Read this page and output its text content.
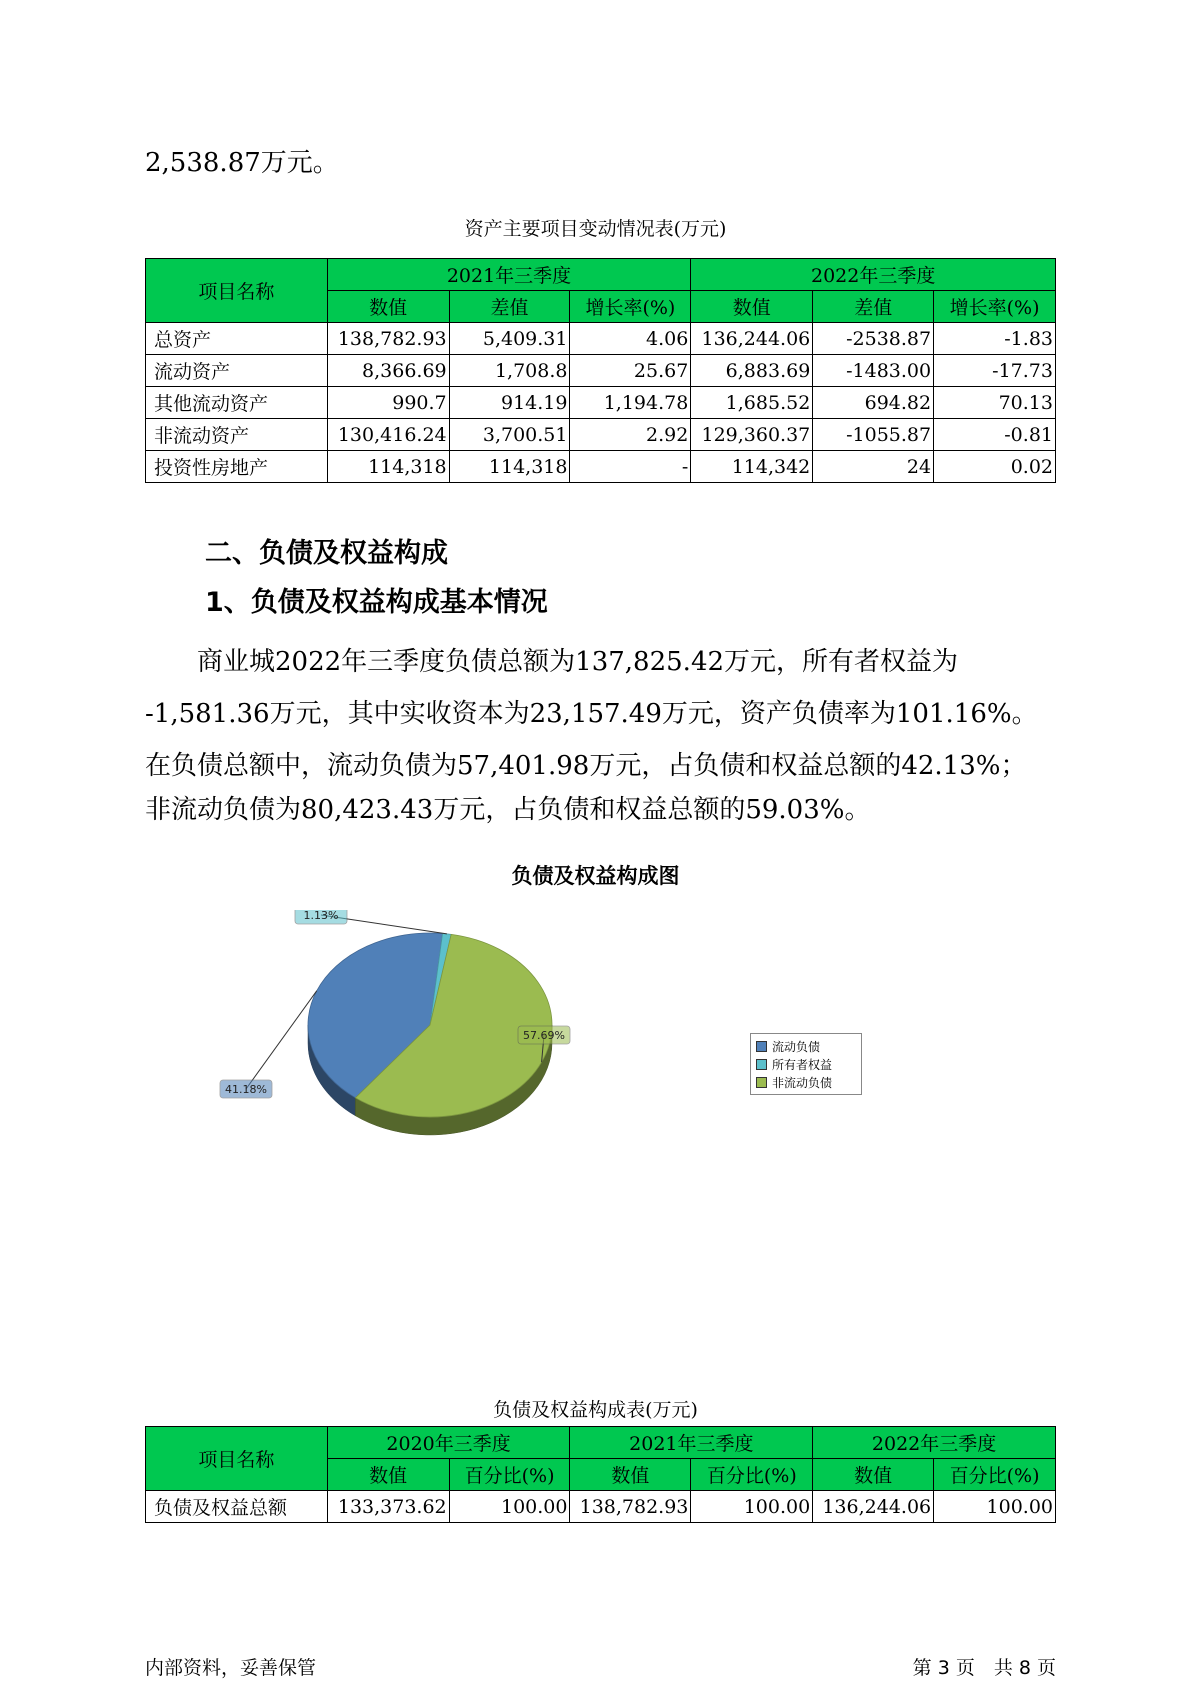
2,538.87万元。
资产主要项目变动情况表(万元)
项目名称	2021年三季度			2022年三季度		
	数值	差值	增长率(%)	数值	差值	增长率(%)
总资产	138,782.93	5,409.31	4.06	136,244.06	-2538.87	-1.83
流动资产	8,366.69	1,708.8	25.67	6,883.69	-1483.00	-17.73
其他流动资产	990.7	914.19	1,194.78	1,685.52	694.82	70.13
非流动资产	130,416.24	3,700.51	2.92	129,360.37	-1055.87	-0.81
投资性房地产	114,318	114,318	-	114,342	24	0.02
二、负债及权益构成
1、负债及权益构成基本情况
　　商业城2022年三季度负债总额为137,825.42万元，所有者权益为
-1,581.36万元，其中实收资本为23,157.49万元，资产负债率为101.16%。
在负债总额中，流动负债为57,401.98万元，占负债和权益总额的42.13%；
非流动负债为80,423.43万元，占负债和权益总额的59.03%。
负债及权益构成图
41.18%
1.13%
57.69%
流动负债
所有者权益
非流动负债
负债及权益构成表(万元)
项目名称	2020年三季度		2021年三季度		2022年三季度	
	数值	百分比(%)	数值	百分比(%)	数值	百分比(%)
负债及权益总额	133,373.62	100.00	138,782.93	100.00	136,244.06	100.00
内部资料，妥善保管	第 3 页　共 8 页
